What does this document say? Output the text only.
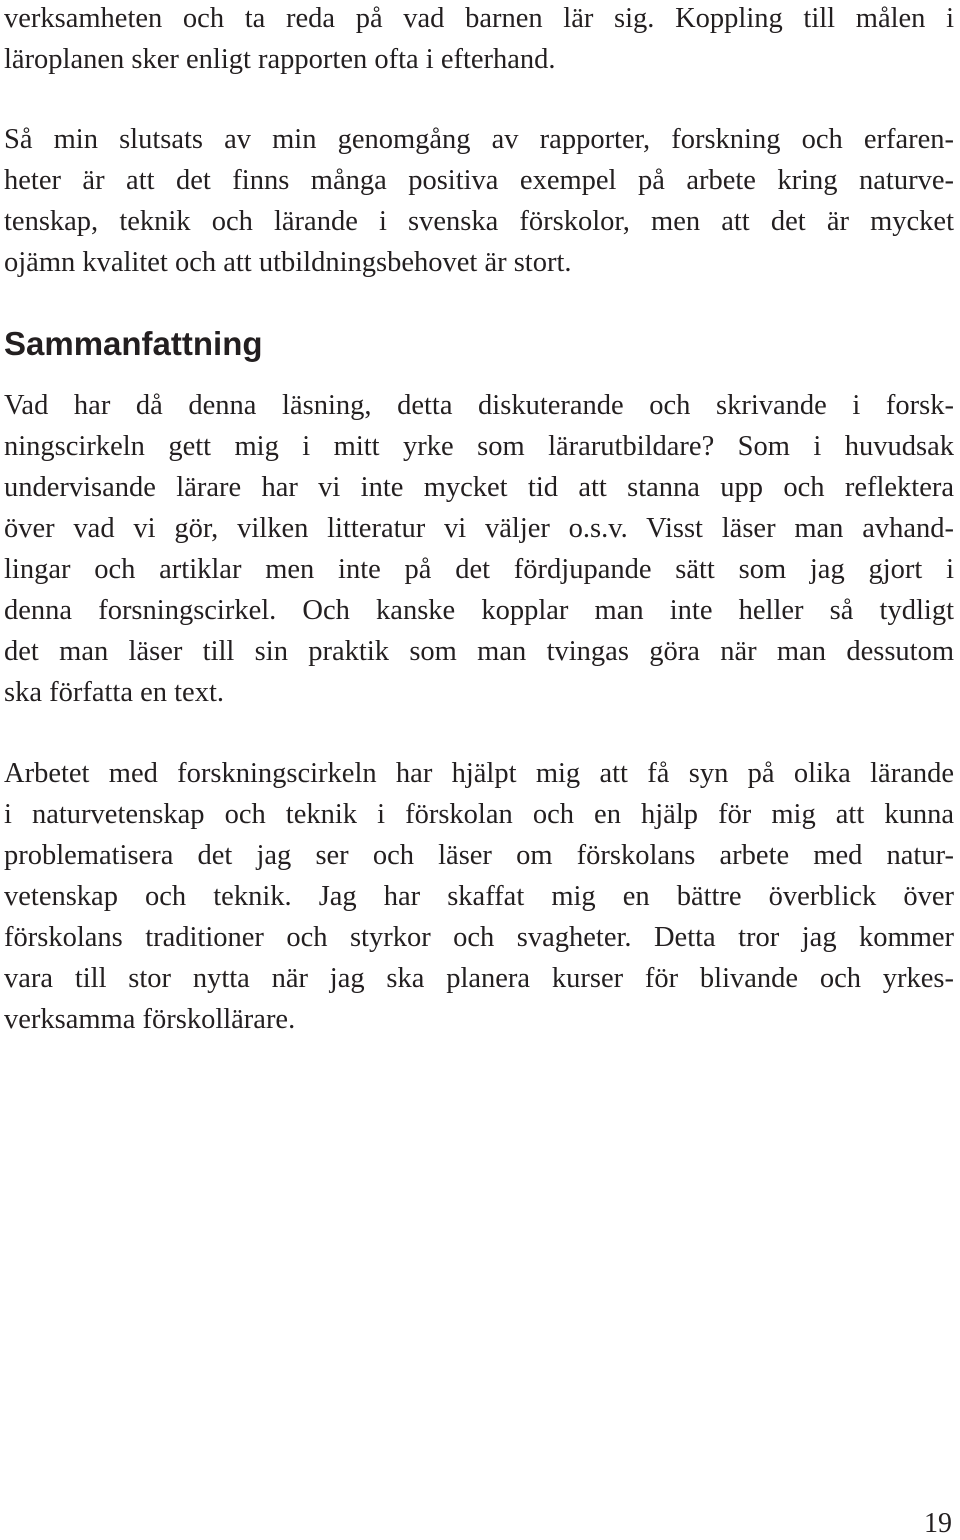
verksamheten och ta reda på vad barnen lär sig. Koppling till målen i
läroplanen sker enligt rapporten ofta i efterhand.

Så min slutsats av min genomgång av rapporter, forskning och erfaren-
heter är att det finns många positiva exempel på arbete kring naturve-
tenskap, teknik och lärande i svenska förskolor, men att det är mycket
ojämn kvalitet och att utbildningsbehovet är stort.

Sammanfattning

Vad har då denna läsning, detta diskuterande och skrivande i forsk-
ningscirkeln gett mig i mitt yrke som lärarutbildare? Som i huvudsak
undervisande lärare har vi inte mycket tid att stanna upp och reflektera
över vad vi gör, vilken litteratur vi väljer o.s.v. Visst läser man avhand-
lingar och artiklar men inte på det fördjupande sätt som jag gjort i
denna forsningscirkel. Och kanske kopplar man inte heller så tydligt
det man läser till sin praktik som man tvingas göra när man dessutom
ska författa en text.

Arbetet med forskningscirkeln har hjälpt mig att få syn på olika lärande
i naturvetenskap och teknik i förskolan och en hjälp för mig att kunna
problematisera det jag ser och läser om förskolans arbete med natur-
vetenskap och teknik. Jag har skaffat mig en bättre överblick över
förskolans traditioner och styrkor och svagheter. Detta tror jag kommer
vara till stor nytta när jag ska planera kurser för blivande och yrkes-
verksamma förskollärare.

19
